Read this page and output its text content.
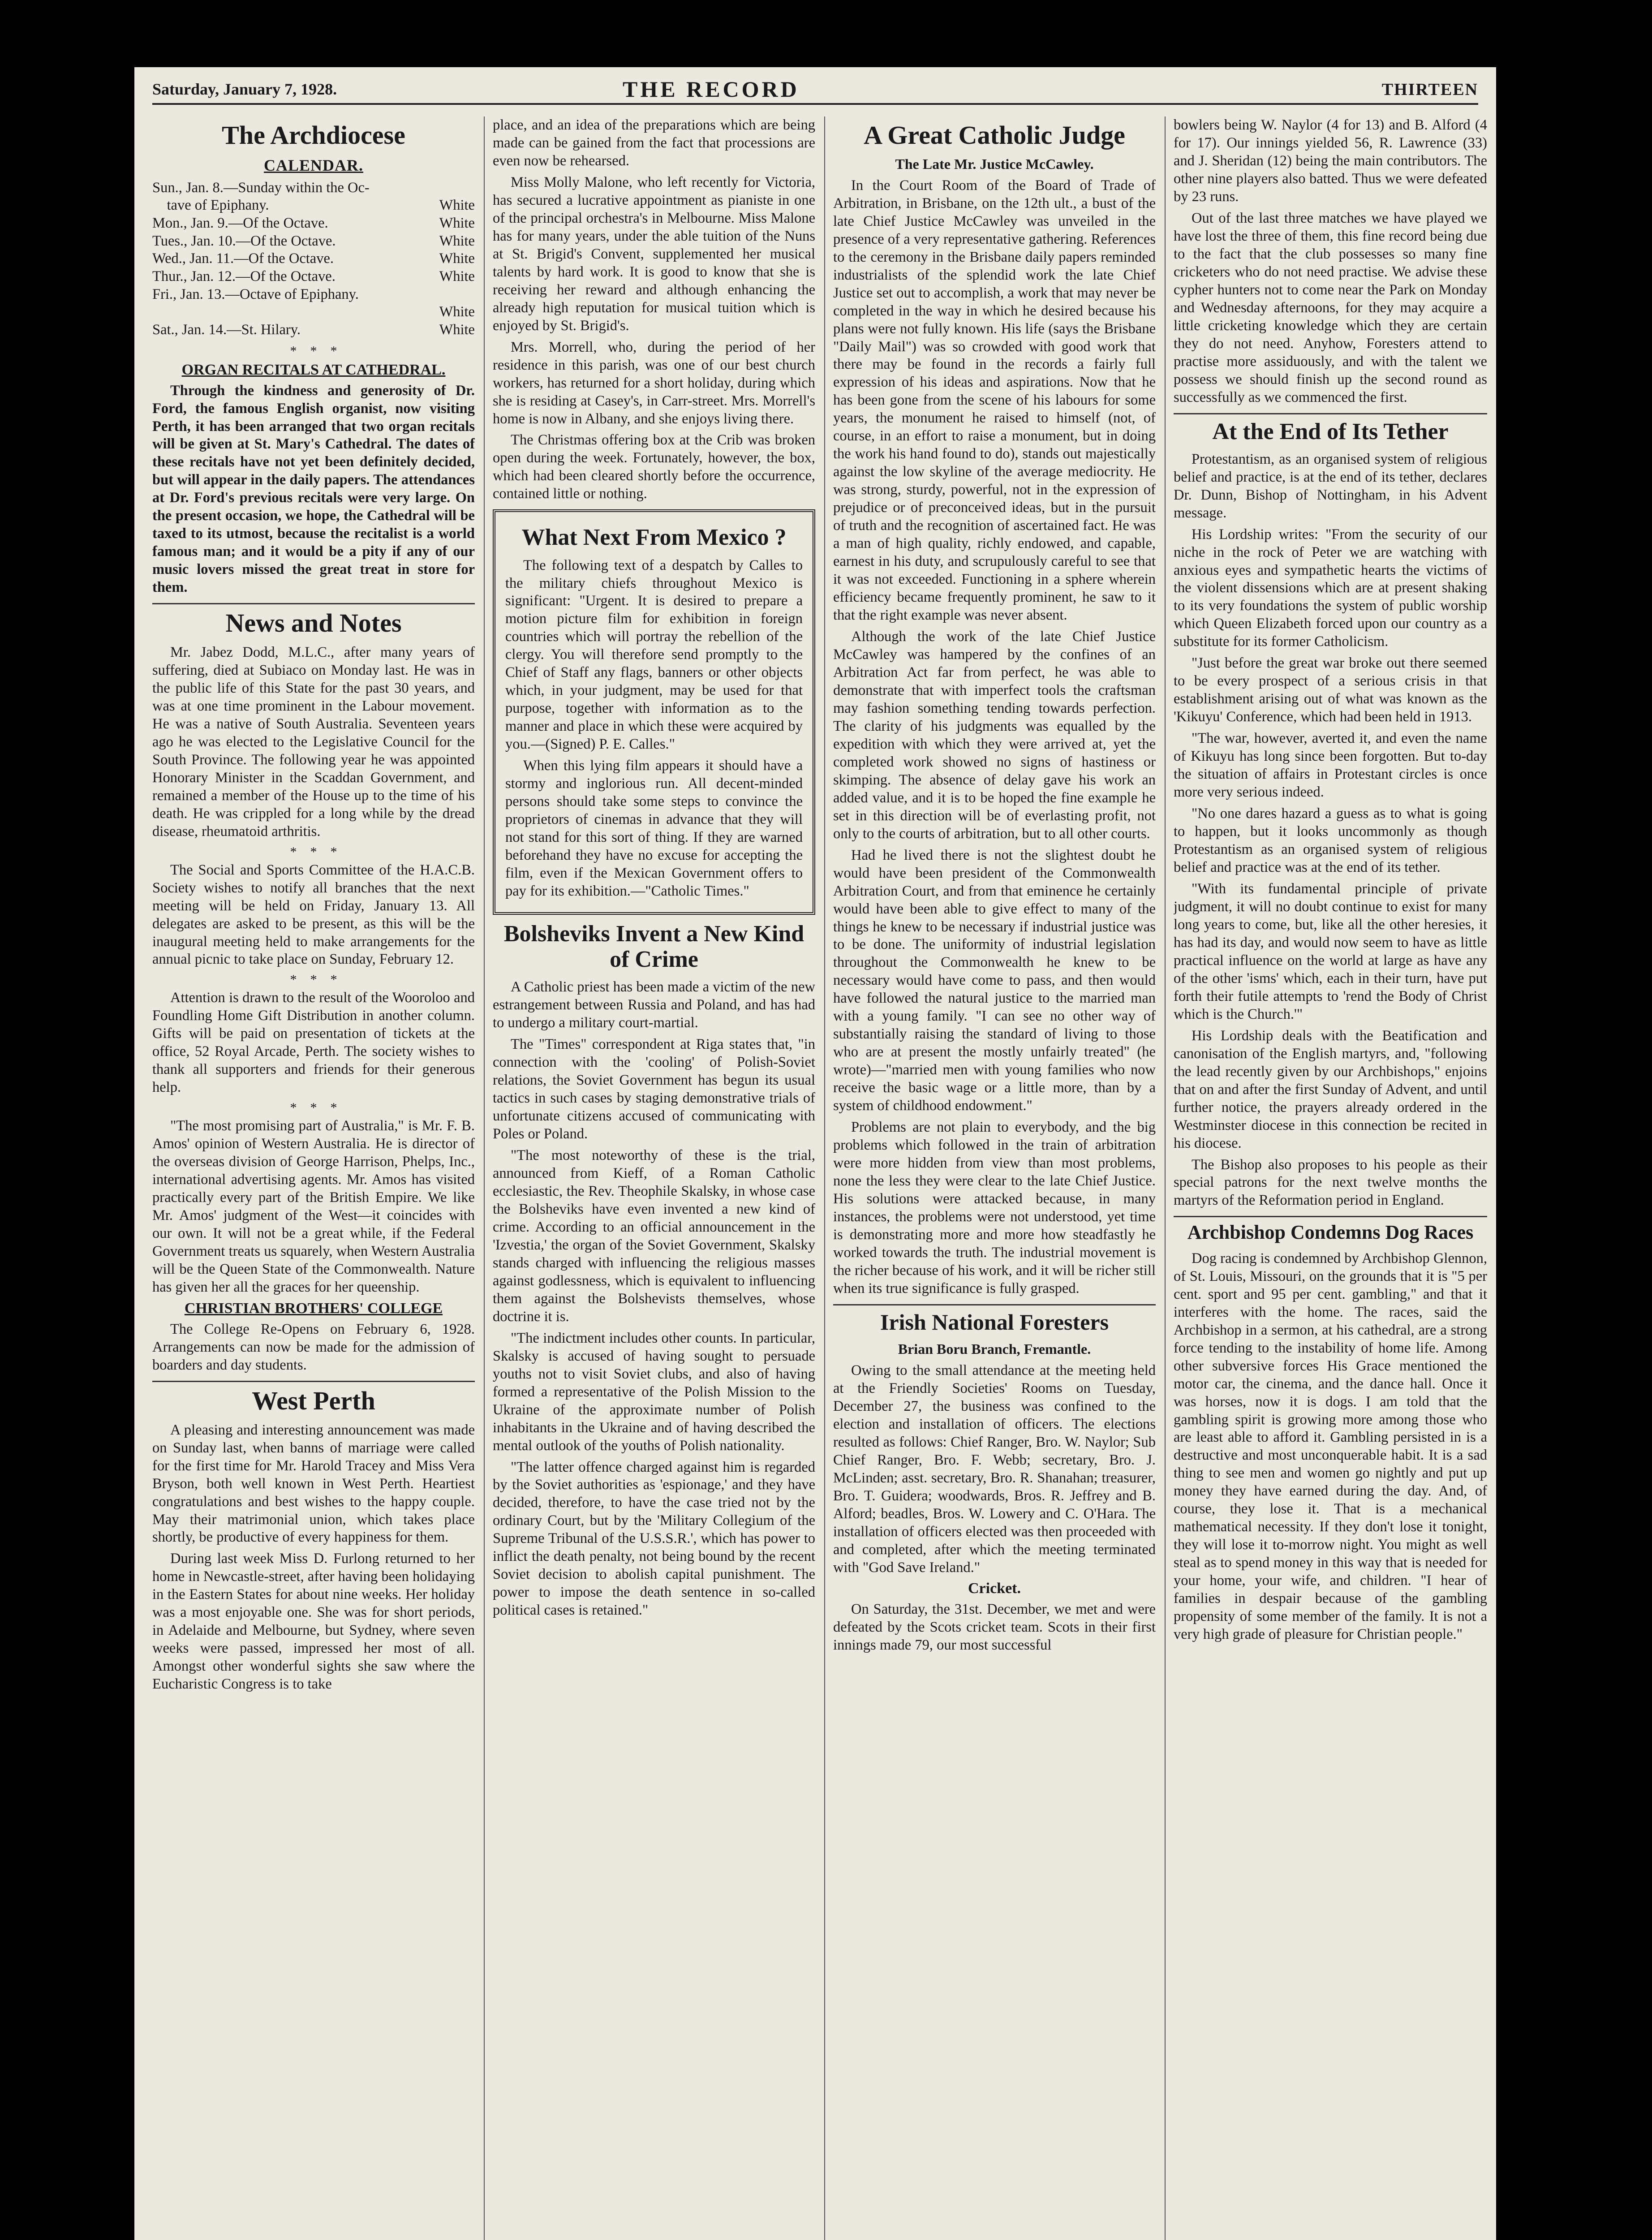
Saturday, January 7, 1928.	THE RECORD	THIRTEEN
The Archdiocese
CALENDAR.
Sun., Jan. 8.—Sunday within the Oc-
tave of Epiphany.	White
Mon., Jan. 9.—Of the Octave.	White
Tues., Jan. 10.—Of the Octave.	White
Wed., Jan. 11.—Of the Octave.	White
Thur., Jan. 12.—Of the Octave.	White
Fri., Jan. 13.—Octave of Epiphany.
White
Sat., Jan. 14.—St. Hilary.	White
*    *    *
ORGAN RECITALS AT CATHEDRAL.

Through the kindness and generosity of Dr. Ford, the famous English organist, now visiting Perth, it has been arranged that two organ recitals will be given at St. Mary's Cathedral. The dates of these recitals have not yet been definitely decided, but will appear in the daily papers. The attendances at Dr. Ford's previous recitals were very large. On the present occasion, we hope, the Cathedral will be taxed to its utmost, because the recitalist is a world famous man; and it would be a pity if any of our music lovers missed the great treat in store for them.

News and Notes

Mr. Jabez Dodd, M.L.C., after many years of suffering, died at Subiaco on Monday last. He was in the public life of this State for the past 30 years, and was at one time prominent in the Labour movement. He was a native of South Australia. Seventeen years ago he was elected to the Legislative Council for the South Province. The following year he was appointed Honorary Minister in the Scaddan Government, and remained a member of the House up to the time of his death. He was crippled for a long while by the dread disease, rheumatoid arthritis.

*    *    *

The Social and Sports Committee of the H.A.C.B. Society wishes to notify all branches that the next meeting will be held on Friday, January 13. All delegates are asked to be present, as this will be the inaugural meeting held to make arrangements for the annual picnic to take place on Sunday, February 12.

*    *    *

Attention is drawn to the result of the Wooroloo and Foundling Home Gift Distribution in another column. Gifts will be paid on presentation of tickets at the office, 52 Royal Arcade, Perth. The society wishes to thank all supporters and friends for their generous help.

*    *    *

"The most promising part of Australia," is Mr. F. B. Amos' opinion of Western Australia. He is director of the overseas division of George Harrison, Phelps, Inc., international advertising agents. Mr. Amos has visited practically every part of the British Empire. We like Mr. Amos' judgment of the West—it coincides with our own. It will not be a great while, if the Federal Government treats us squarely, when Western Australia will be the Queen State of the Commonwealth. Nature has given her all the graces for her queenship.

CHRISTIAN BROTHERS' COLLEGE

The College Re-Opens on February 6, 1928. Arrangements can now be made for the admission of boarders and day students.

West Perth

A pleasing and interesting announcement was made on Sunday last, when banns of marriage were called for the first time for Mr. Harold Tracey and Miss Vera Bryson, both well known in West Perth. Heartiest congratulations and best wishes to the happy couple. May their matrimonial union, which takes place shortly, be productive of every happiness for them.

During last week Miss D. Furlong returned to her home in Newcastle-street, after having been holidaying in the Eastern States for about nine weeks. Her holiday was a most enjoyable one. She was for short periods, in Adelaide and Melbourne, but Sydney, where seven weeks were passed, impressed her most of all. Amongst other wonderful sights she saw where the Eucharistic Congress is to take

place, and an idea of the preparations which are being made can be gained from the fact that processions are even now be rehearsed.

Miss Molly Malone, who left recently for Victoria, has secured a lucrative appointment as pianiste in one of the principal orchestra's in Melbourne. Miss Malone has for many years, under the able tuition of the Nuns at St. Brigid's Convent, supplemented her musical talents by hard work. It is good to know that she is receiving her reward and although enhancing the already high reputation for musical tuition which is enjoyed by St. Brigid's.

Mrs. Morrell, who, during the period of her residence in this parish, was one of our best church workers, has returned for a short holiday, during which she is residing at Casey's, in Carr-street. Mrs. Morrell's home is now in Albany, and she enjoys living there.

The Christmas offering box at the Crib was broken open during the week. Fortunately, however, the box, which had been cleared shortly before the occurrence, contained little or nothing.

What Next From Mexico ?

The following text of a despatch by Calles to the military chiefs throughout Mexico is significant: "Urgent. It is desired to prepare a motion picture film for exhibition in foreign countries which will portray the rebellion of the clergy. You will therefore send promptly to the Chief of Staff any flags, banners or other objects which, in your judgment, may be used for that purpose, together with information as to the manner and place in which these were acquired by you.—(Signed) P. E. Calles."

When this lying film appears it should have a stormy and inglorious run. All decent-minded persons should take some steps to convince the proprietors of cinemas in advance that they will not stand for this sort of thing. If they are warned beforehand they have no excuse for accepting the film, even if the Mexican Government offers to pay for its exhibition.—"Catholic Times."

Bolsheviks Invent a New Kind of Crime

A Catholic priest has been made a victim of the new estrangement between Russia and Poland, and has had to undergo a military court-martial.

The "Times" correspondent at Riga states that, "in connection with the 'cooling' of Polish-Soviet relations, the Soviet Government has begun its usual tactics in such cases by staging demonstrative trials of unfortunate citizens accused of communicating with Poles or Poland.

"The most noteworthy of these is the trial, announced from Kieff, of a Roman Catholic ecclesiastic, the Rev. Theophile Skalsky, in whose case the Bolsheviks have even invented a new kind of crime. According to an official announcement in the 'Izvestia,' the organ of the Soviet Government, Skalsky stands charged with influencing the religious masses against godlessness, which is equivalent to influencing them against the Bolshevists themselves, whose doctrine it is.

"The indictment includes other counts. In particular, Skalsky is accused of having sought to persuade youths not to visit Soviet clubs, and also of having formed a representative of the Polish Mission to the Ukraine of the approximate number of Polish inhabitants in the Ukraine and of having described the mental outlook of the youths of Polish nationality.

"The latter offence charged against him is regarded by the Soviet authorities as 'espionage,' and they have decided, therefore, to have the case tried not by the ordinary Court, but by the 'Military Collegium of the Supreme Tribunal of the U.S.S.R.', which has power to inflict the death penalty, not being bound by the recent Soviet decision to abolish capital punishment. The power to impose the death sentence in so-called political cases is retained."

A Great Catholic Judge
The Late Mr. Justice McCawley.

In the Court Room of the Board of Trade of Arbitration, in Brisbane, on the 12th ult., a bust of the late Chief Justice McCawley was unveiled in the presence of a very representative gathering. References to the ceremony in the Brisbane daily papers reminded industrialists of the splendid work the late Chief Justice set out to accomplish, a work that may never be completed in the way in which he desired because his plans were not fully known. His life (says the Brisbane "Daily Mail") was so crowded with good work that there may be found in the records a fairly full expression of his ideas and aspirations. Now that he has been gone from the scene of his labours for some years, the monument he raised to himself (not, of course, in an effort to raise a monument, but in doing the work his hand found to do), stands out majestically against the low skyline of the average mediocrity. He was strong, sturdy, powerful, not in the expression of prejudice or of preconceived ideas, but in the pursuit of truth and the recognition of ascertained fact. He was a man of high quality, richly endowed, and capable, earnest in his duty, and scrupulously careful to see that it was not exceeded. Functioning in a sphere wherein efficiency became frequently prominent, he saw to it that the right example was never absent.

Although the work of the late Chief Justice McCawley was hampered by the confines of an Arbitration Act far from perfect, he was able to demonstrate that with imperfect tools the craftsman may fashion something tending towards perfection. The clarity of his judgments was equalled by the expedition with which they were arrived at, yet the completed work showed no signs of hastiness or skimping. The absence of delay gave his work an added value, and it is to be hoped the fine example he set in this direction will be of everlasting profit, not only to the courts of arbitration, but to all other courts.

Had he lived there is not the slightest doubt he would have been president of the Commonwealth Arbitration Court, and from that eminence he certainly would have been able to give effect to many of the things he knew to be necessary if industrial justice was to be done. The uniformity of industrial legislation throughout the Commonwealth he knew to be necessary would have come to pass, and then would have followed the natural justice to the married man with a young family. "I can see no other way of substantially raising the standard of living to those who are at present the mostly unfairly treated" (he wrote)—"married men with young families who now receive the basic wage or a little more, than by a system of childhood endowment."

Problems are not plain to everybody, and the big problems which followed in the train of arbitration were more hidden from view than most problems, none the less they were clear to the late Chief Justice. His solutions were attacked because, in many instances, the problems were not understood, yet time is demonstrating more and more how steadfastly he worked towards the truth. The industrial movement is the richer because of his work, and it will be richer still when its true significance is fully grasped.

Irish National Foresters
Brian Boru Branch, Fremantle.

Owing to the small attendance at the meeting held at the Friendly Societies' Rooms on Tuesday, December 27, the business was confined to the election and installation of officers. The elections resulted as follows: Chief Ranger, Bro. W. Naylor; Sub Chief Ranger, Bro. F. Webb; secretary, Bro. J. McLinden; asst. secretary, Bro. R. Shanahan; treasurer, Bro. T. Guidera; woodwards, Bros. R. Jeffrey and B. Alford; beadles, Bros. W. Lowery and C. O'Hara. The installation of officers elected was then proceeded with and completed, after which the meeting terminated with "God Save Ireland."

Cricket.

On Saturday, the 31st. December, we met and were defeated by the Scots cricket team. Scots in their first innings made 79, our most successful

bowlers being W. Naylor (4 for 13) and B. Alford (4 for 17). Our innings yielded 56, R. Lawrence (33) and J. Sheridan (12) being the main contributors. The other nine players also batted. Thus we were defeated by 23 runs.

Out of the last three matches we have played we have lost the three of them, this fine record being due to the fact that the club possesses so many fine cricketers who do not need practise. We advise these cypher hunters not to come near the Park on Monday and Wednesday afternoons, for they may acquire a little cricketing knowledge which they are certain they do not need. Anyhow, Foresters attend to practise more assiduously, and with the talent we possess we should finish up the second round as successfully as we commenced the first.

At the End of Its Tether

Protestantism, as an organised system of religious belief and practice, is at the end of its tether, declares Dr. Dunn, Bishop of Nottingham, in his Advent message.

His Lordship writes: "From the security of our niche in the rock of Peter we are watching with anxious eyes and sympathetic hearts the victims of the violent dissensions which are at present shaking to its very foundations the system of public worship which Queen Elizabeth forced upon our country as a substitute for its former Catholicism.

"Just before the great war broke out there seemed to be every prospect of a serious crisis in that establishment arising out of what was known as the 'Kikuyu' Conference, which had been held in 1913.

"The war, however, averted it, and even the name of Kikuyu has long since been forgotten. But to-day the situation of affairs in Protestant circles is once more very serious indeed.

"No one dares hazard a guess as to what is going to happen, but it looks uncommonly as though Protestantism as an organised system of religious belief and practice was at the end of its tether.

"With its fundamental principle of private judgment, it will no doubt continue to exist for many long years to come, but, like all the other heresies, it has had its day, and would now seem to have as little practical influence on the world at large as have any of the other 'isms' which, each in their turn, have put forth their futile attempts to 'rend the Body of Christ which is the Church.'"

His Lordship deals with the Beatification and canonisation of the English martyrs, and, "following the lead recently given by our Archbishops," enjoins that on and after the first Sunday of Advent, and until further notice, the prayers already ordered in the Westminster diocese in this connection be recited in his diocese.

The Bishop also proposes to his people as their special patrons for the next twelve months the martyrs of the Reformation period in England.

Archbishop Condemns Dog Races

Dog racing is condemned by Archbishop Glennon, of St. Louis, Missouri, on the grounds that it is "5 per cent. sport and 95 per cent. gambling," and that it interferes with the home. The races, said the Archbishop in a sermon, at his cathedral, are a strong force tending to the instability of home life. Among other subversive forces His Grace mentioned the motor car, the cinema, and the dance hall. Once it was horses, now it is dogs. I am told that the gambling spirit is growing more among those who are least able to afford it. Gambling persisted in is a destructive and most unconquerable habit. It is a sad thing to see men and women go nightly and put up money they have earned during the day. And, of course, they lose it. That is a mechanical mathematical necessity. If they don't lose it tonight, they will lose it to-morrow night. You might as well steal as to spend money in this way that is needed for your home, your wife, and children. "I hear of families in despair because of the gambling propensity of some member of the family. It is not a very high grade of pleasure for Christian people."
